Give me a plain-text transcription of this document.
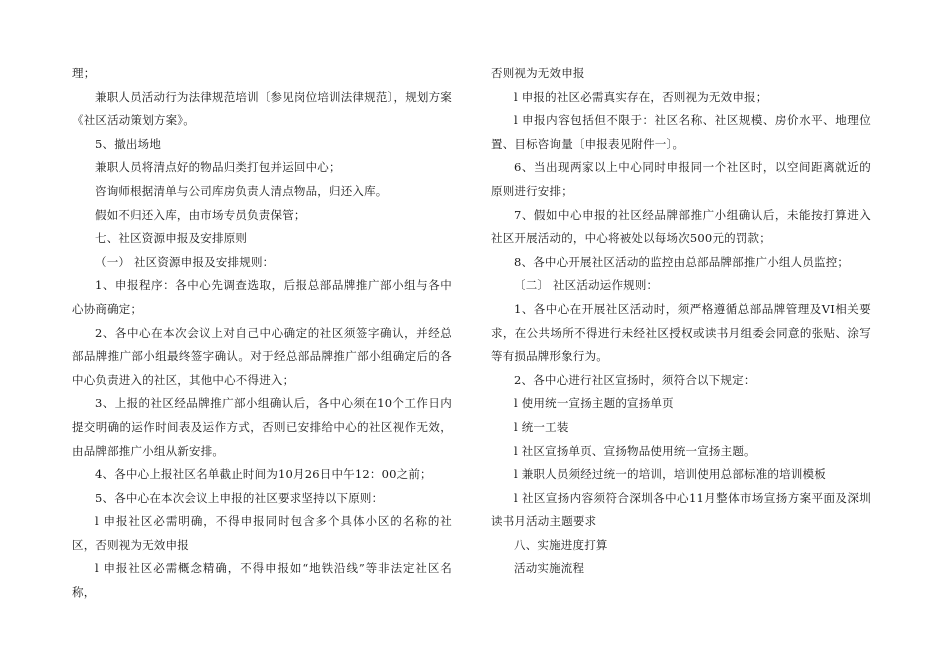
理；

兼职人员活动行为法律规范培训〔参见岗位培训法律规范〕，规划方案《社区活动策划方案》。

5、撤出场地

兼职人员将清点好的物品归类打包并运回中心；

咨询师根据清单与公司库房负责人清点物品，归还入库。

假如不归还入库，由市场专员负责保管；

七、社区资源申报及安排原则

（一） 社区资源申报及安排规则：

1、申报程序：各中心先调查选取，后报总部品牌推广部小组与各中心协商确定；

2、各中心在本次会议上对自己中心确定的社区须签字确认，并经总部品牌推广部小组最终签字确认。对于经总部品牌推广部小组确定后的各中心负责进入的社区，其他中心不得进入；

3、上报的社区经品牌推广部小组确认后，各中心须在10个工作日内提交明确的运作时间表及运作方式，否则已安排给中心的社区视作无效，由品牌部推广小组从新安排。

4、各中心上报社区名单截止时间为10月26日中午12：00之前；

5、各中心在本次会议上申报的社区要求坚持以下原则：

l 申报社区必需明确，不得申报同时包含多个具体小区的名称的社区，否则视为无效申报

l 申报社区必需概念精确，不得申报如“地铁沿线”等非法定社区名称，

否则视为无效申报

l 申报的社区必需真实存在，否则视为无效申报；

l 申报内容包括但不限于：社区名称、社区规模、房价水平、地理位置、目标咨询量〔申报表见附件一〕。

6、当出现两家以上中心同时申报同一个社区时，以空间距离就近的原则进行安排；

7、假如中心申报的社区经品牌部推广小组确认后，未能按打算进入社区开展活动的，中心将被处以每场次500元的罚款；

8、各中心开展社区活动的监控由总部品牌部推广小组人员监控；

〔二〕 社区活动运作规则：

1、各中心在开展社区活动时，须严格遵循总部品牌管理及VI相关要求，在公共场所不得进行未经社区授权或读书月组委会同意的张贴、涂写等有损品牌形象行为。

2、各中心进行社区宣扬时，须符合以下规定：

l 使用统一宣扬主题的宣扬单页

l 统一工装

l 社区宣扬单页、宣扬物品使用统一宣扬主题。

l 兼职人员须经过统一的培训，培训使用总部标准的培训模板

l 社区宣扬内容须符合深圳各中心11月整体市场宣扬方案平面及深圳读书月活动主题要求

八、实施进度打算

活动实施流程
